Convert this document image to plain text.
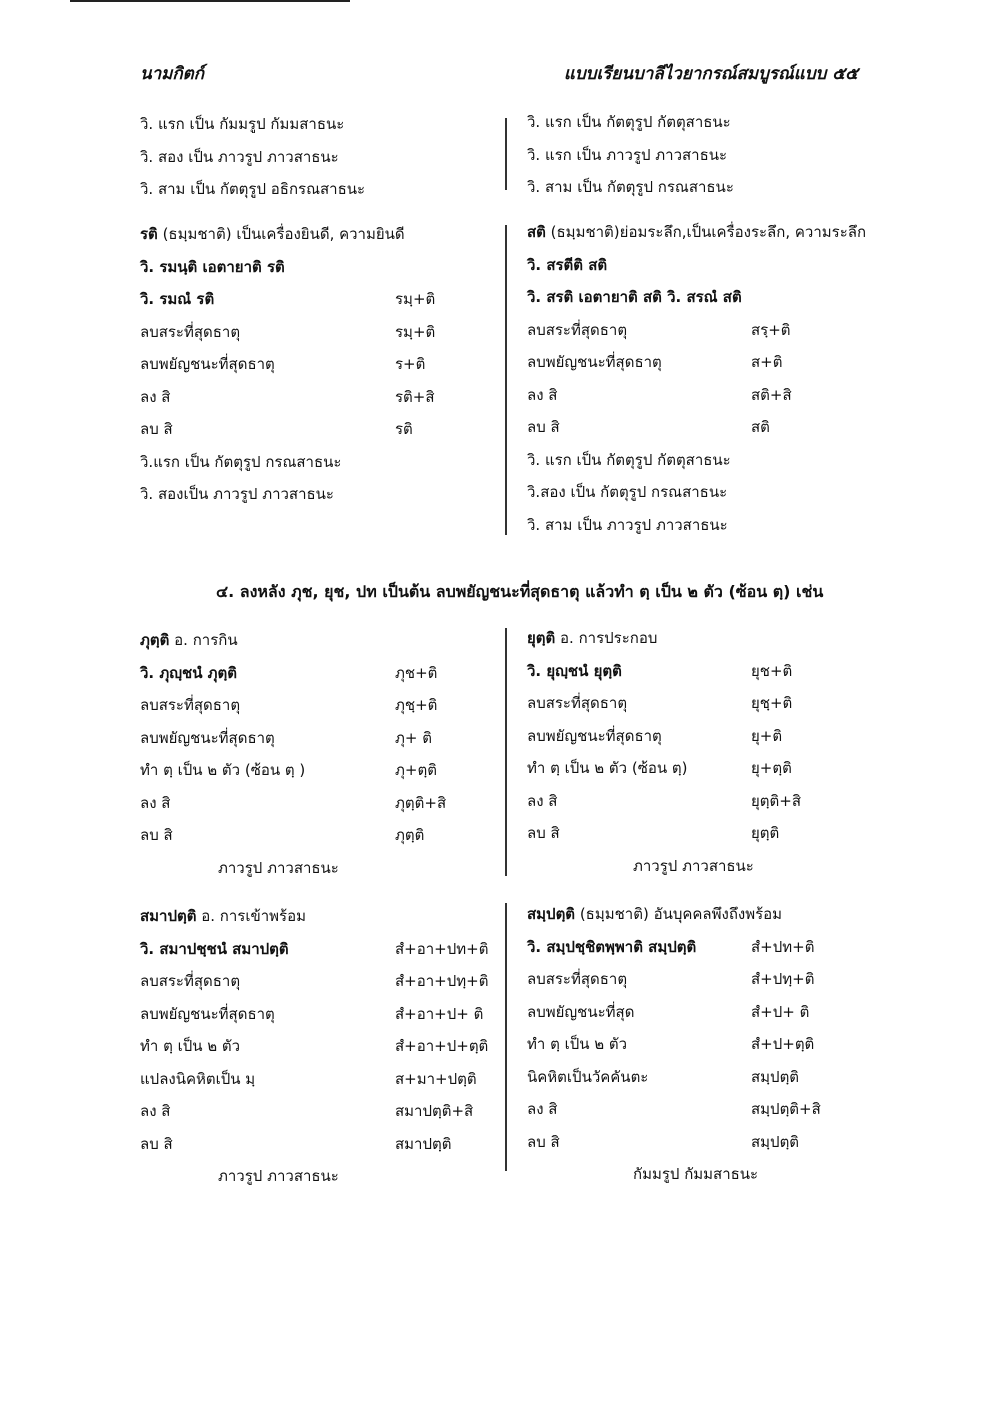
นามกิตก์	แบบเรียนบาลีไวยากรณ์สมบูรณ์แบบ ๕๕
วิ. แรก เป็น กัมมรูป กัมมสาธนะ
วิ. สอง เป็น ภาวรูป ภาวสาธนะ
วิ. สาม เป็น กัตตุรูป อธิกรณสาธนะ
วิ. แรก เป็น กัตตุรูป กัตตุสาธนะ
วิ. แรก เป็น ภาวรูป ภาวสาธนะ
วิ. สาม เป็น กัตตุรูป กรณสาธนะ
รติ (ธมฺมชาติ) เป็นเครื่องยินดี, ความยินดี
วิ. รมนฺติ เอตายาติ รติ
วิ. รมณํ รติ	รมฺ+ติ
ลบสระที่สุดธาตุ	รมฺ+ติ
ลบพยัญชนะที่สุดธาตุ	ร+ติ
ลง สิ	รติ+สิ
ลบ สิ	รติ
วิ.แรก เป็น กัตตุรูป กรณสาธนะ
วิ. สองเป็น ภาวรูป ภาวสาธนะ
สติ (ธมฺมชาติ)ย่อมระลึก,เป็นเครื่องระลึก, ความระลึก
วิ. สรตีติ สติ
วิ. สรติ เอตายาติ สติ วิ. สรณํ สติ
ลบสระที่สุดธาตุ	สรฺ+ติ
ลบพยัญชนะที่สุดธาตุ	ส+ติ
ลง สิ	สติ+สิ
ลบ สิ	สติ
วิ. แรก เป็น กัตตุรูป กัตตุสาธนะ
วิ.สอง เป็น กัตตุรูป กรณสาธนะ
วิ. สาม เป็น ภาวรูป ภาวสาธนะ
๔. ลงหลัง ภุช, ยุช, ปท เป็นต้น ลบพยัญชนะที่สุดธาตุ แล้วทำ ตฺ เป็น ๒ ตัว (ซ้อน ตฺ) เช่น
ภุตฺติ อ. การกิน
วิ. ภุญฺชนํ ภุตฺติ	ภุช+ติ
ลบสระที่สุดธาตุ	ภุชฺ+ติ
ลบพยัญชนะที่สุดธาตุ	ภุ+ ติ
ทำ ตฺ เป็น ๒ ตัว (ซ้อน ตฺ )	ภุ+ตฺติ
ลง สิ	ภุตฺติ+สิ
ลบ สิ	ภุตฺติ
ภาวรูป ภาวสาธนะ
ยุตฺติ อ. การประกอบ
วิ. ยุญฺชนํ ยุตฺติ	ยุช+ติ
ลบสระที่สุดธาตุ	ยุชฺ+ติ
ลบพยัญชนะที่สุดธาตุ	ยุ+ติ
ทำ ตฺ เป็น ๒ ตัว (ซ้อน ตฺ)	ยุ+ตฺติ
ลง สิ	ยุตฺติ+สิ
ลบ สิ	ยุตฺติ
ภาวรูป ภาวสาธนะ
สมาปตฺติ อ. การเข้าพร้อม
วิ. สมาปชฺชนํ สมาปตฺติ	สํ+อา+ปท+ติ
ลบสระที่สุดธาตุ	สํ+อา+ปทฺ+ติ
ลบพยัญชนะที่สุดธาตุ	สํ+อา+ป+ ติ
ทำ ตฺ เป็น ๒ ตัว	สํ+อา+ป+ตฺติ
แปลงนิคหิตเป็น มฺ	ส+มา+ปตฺติ
ลง สิ	สมาปตฺติ+สิ
ลบ สิ	สมาปตฺติ
ภาวรูป ภาวสาธนะ
สมฺปตฺติ (ธมฺมชาติ) อันบุคคลพึงถึงพร้อม
วิ. สมฺปชฺชิตพฺพาติ สมฺปตฺติ	สํ+ปท+ติ
ลบสระที่สุดธาตุ	สํ+ปทฺ+ติ
ลบพยัญชนะที่สุด	สํ+ป+ ติ
ทำ ตฺ เป็น ๒ ตัว	สํ+ป+ตฺติ
นิคหิตเป็นวัคคันตะ	สมฺปตฺติ
ลง สิ	สมฺปตฺติ+สิ
ลบ สิ	สมฺปตฺติ
กัมมรูป กัมมสาธนะ
